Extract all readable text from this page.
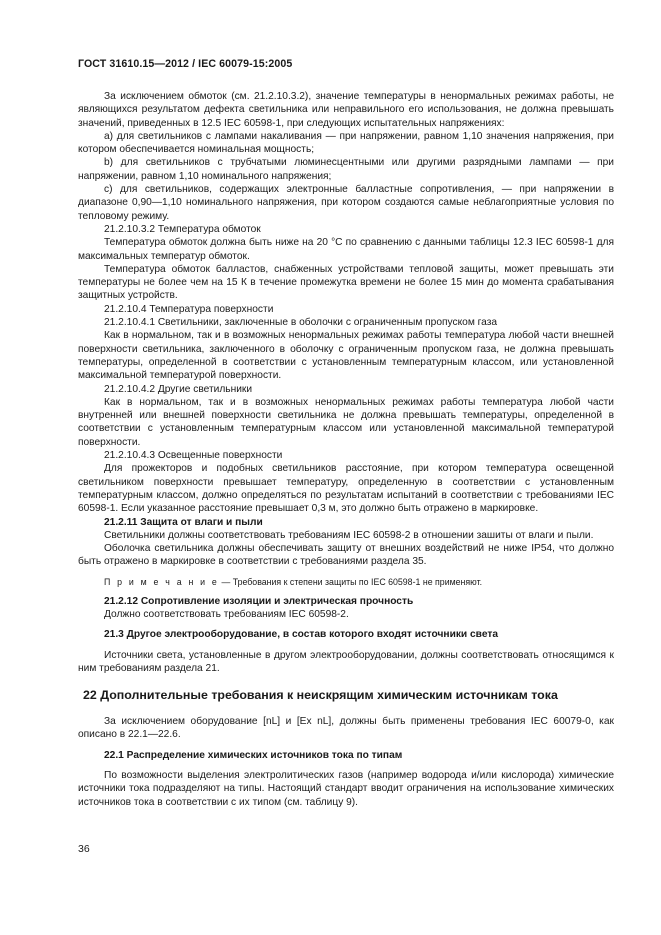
ГОСТ 31610.15—2012 / IEC 60079-15:2005
За исключением обмоток (см. 21.2.10.3.2), значение температуры в ненормальных режимах работы, не являющихся результатом дефекта светильника или неправильного его использования, не должна превышать значений, приведенных в 12.5 IEC 60598-1, при следующих испытательных напряжениях:
a) для светильников с лампами накаливания — при напряжении, равном 1,10 значения напряжения, при котором обеспечивается номинальная мощность;
b) для светильников с трубчатыми люминесцентными или другими разрядными лампами — при напряжении, равном 1,10 номинального напряжения;
c) для светильников, содержащих электронные балластные сопротивления, — при напряжении в диапазоне 0,90—1,10 номинального напряжения, при котором создаются самые неблагоприятные условия по тепловому режиму.
21.2.10.3.2 Температура обмоток
Температура обмоток должна быть ниже на 20 °С по сравнению с данными таблицы 12.3 IEC 60598-1 для максимальных температур обмоток.
Температура обмоток балластов, снабженных устройствами тепловой защиты, может превышать эти температуры не более чем на 15 К в течение промежутка времени не более 15 мин до момента срабатывания защитных устройств.
21.2.10.4 Температура поверхности
21.2.10.4.1 Светильники, заключенные в оболочки с ограниченным пропуском газа
Как в нормальном, так и в возможных ненормальных режимах работы температура любой части внешней поверхности светильника, заключенного в оболочку с ограниченным пропуском газа, не должна превышать температуры, определенной в соответствии с установленным температурным классом, или установленной максимальной температурой поверхности.
21.2.10.4.2 Другие светильники
Как в нормальном, так и в возможных ненормальных режимах работы температура любой части внутренней или внешней поверхности светильника не должна превышать температуры, определенной в соответствии с установленным температурным классом или установленной максимальной температурой поверхности.
21.2.10.4.3 Освещенные поверхности
Для прожекторов и подобных светильников расстояние, при котором температура освещенной светильником поверхности превышает температуру, определенную в соответствии с установленным температурным классом, должно определяться по результатам испытаний в соответствии с требованиями IEC 60598-1. Если указанное расстояние превышает 0,3 м, это должно быть отражено в маркировке.
21.2.11 Защита от влаги и пыли
Светильники должны соответствовать требованиям IEC 60598-2 в отношении зашиты от влаги и пыли.
Оболочка светильника должны обеспечивать защиту от внешних воздействий не ниже IP54, что должно быть отражено в маркировке в соответствии с требованиями раздела 35.
П р и м е ч а н и е — Требования к степени защиты по IEC 60598-1 не применяют.
21.2.12 Сопротивление изоляции и электрическая прочность
Должно соответствовать требованиям IEC 60598-2.
21.3 Другое электрооборудование, в состав которого входят источники света
Источники света, установленные в другом электрооборудовании, должны соответствовать относящимся к ним требованиям раздела 21.
22 Дополнительные требования к неискрящим химическим источникам тока
За исключением оборудование [nL] и [Ex nL], должны быть применены требования IEC 60079-0, как описано в 22.1—22.6.
22.1 Распределение химических источников тока по типам
По возможности выделения электролитических газов (например водорода и/или кислорода) химические источники тока подразделяют на типы. Настоящий стандарт вводит ограничения на использование химических источников тока в соответствии с их типом (см. таблицу 9).
36
